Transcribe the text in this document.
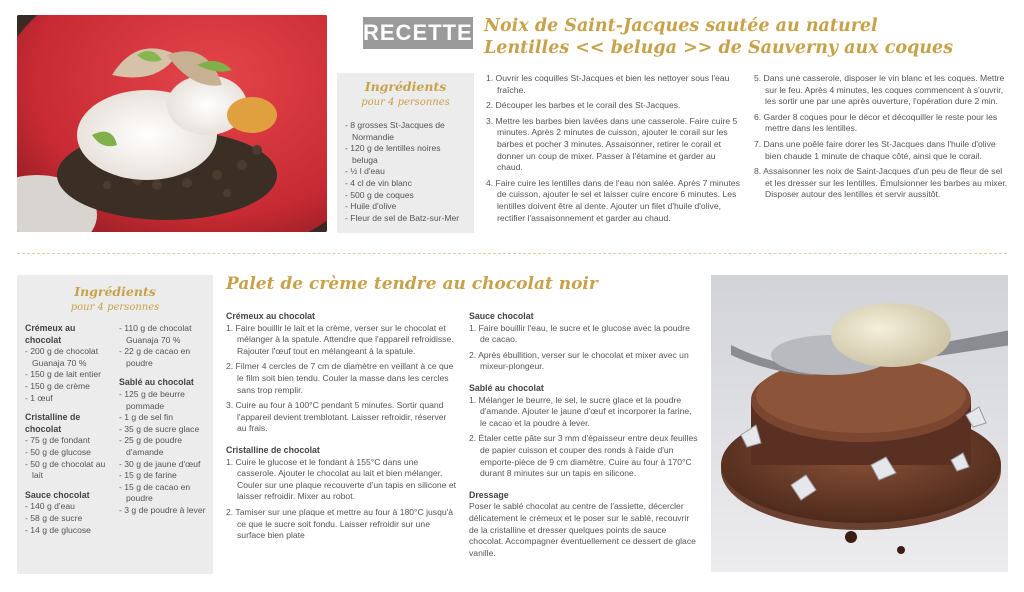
RECETTES
Noix de Saint-Jacques sautée au naturel
Lentilles << beluga >> de Sauverny aux coques
Ingrédients
pour 4 personnes
- 8 grosses St-Jacques de Normandie
- 120 g de lentilles noires beluga
- ½ l d'eau
- 4 cl de vin blanc
- 500 g de coques
- Huile d'olive
- Fleur de sel de Batz-sur-Mer

1. Ouvrir les coquilles St-Jacques et bien les nettoyer sous l'eau fraîche.

2. Découper les barbes et le corail des St-Jacques.

3. Mettre les barbes bien lavées dans une casserole. Faire cuire 5 minutes. Après 2 minutes de cuisson, ajouter le corail sur les barbes et pocher 3 minutes. Assaisonner, retirer le corail et donner un coup de mixer. Passer à l'étamine et garder au chaud.

4. Faire cuire les lentilles dans de l'eau non salée. Après 7 minutes de cuisson, ajouter le sel et laisser cuire encore 6 minutes. Les lentilles doivent être al dente. Ajouter un filet d'huile d'olive, rectifier l'assaisonnement et garder au chaud.

5. Dans une casserole, disposer le vin blanc et les coques. Mettre sur le feu. Après 4 minutes, les coques commencent à s'ouvrir, les sortir une par une après ouverture, l'opération dure 2 min.

6. Garder 8 coques pour le décor et décoquiller le reste pour les mettre dans les lentilles.

7. Dans une poêle faire dorer les St-Jacques dans l'huile d'olive bien chaude 1 minute de chaque côté, ainsi que le corail.

8. Assaisonner les noix de Saint-Jacques d'un peu de fleur de sel et les dresser sur les lentilles. Émulsionner les barbes au mixer. Disposer autour des lentilles et servir aussitôt.

Ingrédients
pour 4 personnes
Crémeux au chocolat
- 200 g de chocolat Guanaja 70 %
- 150 g de lait entier
- 150 g de crème
- 1 œuf
Cristalline de chocolat
- 75 g de fondant
- 50 g de glucose
- 50 g de chocolat au lait
Sauce chocolat
- 140 g d'eau
- 58 g de sucre
- 14 g de glucose
- 110 g de chocolat Guanaja 70 %
- 22 g de cacao en poudre
Sablé au chocolat
- 125 g de beurre pommade
- 1 g de sel fin
- 35 g de sucre glace
- 25 g de poudre d'amande
- 30 g de jaune d'œuf
- 15 g de farine
- 15 g de cacao en poudre
- 3 g de poudre à lever
Palet de crème tendre au chocolat noir
Crémeux au chocolat

1. Faire bouillir le lait et la crème, verser sur le chocolat et mélanger à la spatule. Attendre que l'appareil refroidisse. Rajouter l'œuf tout en mélangeant à la spatule.

2. Filmer 4 cercles de 7 cm de diamètre en veillant à ce que le film soit bien tendu. Couler la masse dans les cercles sans trop remplir.

3. Cuire au four à 100°C pendant 5 minutes. Sortir quand l'appareil devient tremblotant. Laisser refroidir, réserver au frais.

Cristalline de chocolat

1. Cuire le glucose et le fondant à 155°C dans une casserole. Ajouter le chocolat au lait et bien mélanger. Couler sur une plaque recouverte d'un tapis en silicone et laisser refroidir. Mixer au robot.

2. Tamiser sur une plaque et mettre au four à 180°C jusqu'à ce que le sucre soit fondu. Laisser refroidir sur une surface bien plate

Sauce chocolat

1. Faire bouillir l'eau, le sucre et le glucose avec la poudre de cacao.

2. Après ébullition, verser sur le chocolat et mixer avec un mixeur-plongeur.

Sablé au chocolat

1. Mélanger le beurre, le sel, le sucre glace et la poudre d'amande. Ajouter le jaune d'œuf et incorporer la farine, le cacao et la poudre à lever.

2. Étaler cette pâte sur 3 mm d'épaisseur entre deux feuilles de papier cuisson et couper des ronds à l'aide d'un emporte-pièce de 9 cm diamètre. Cuire au four à 170°C durant 8 minutes sur un tapis en silicone.

Dressage

Poser le sablé chocolat au centre de l'assiette, décercler délicatement le crémeux et le poser sur le sablé, recouvrir de la cristalline et dresser quelques points de sauce chocolat. Accompagner éventuellement ce dessert de glace vanille.
